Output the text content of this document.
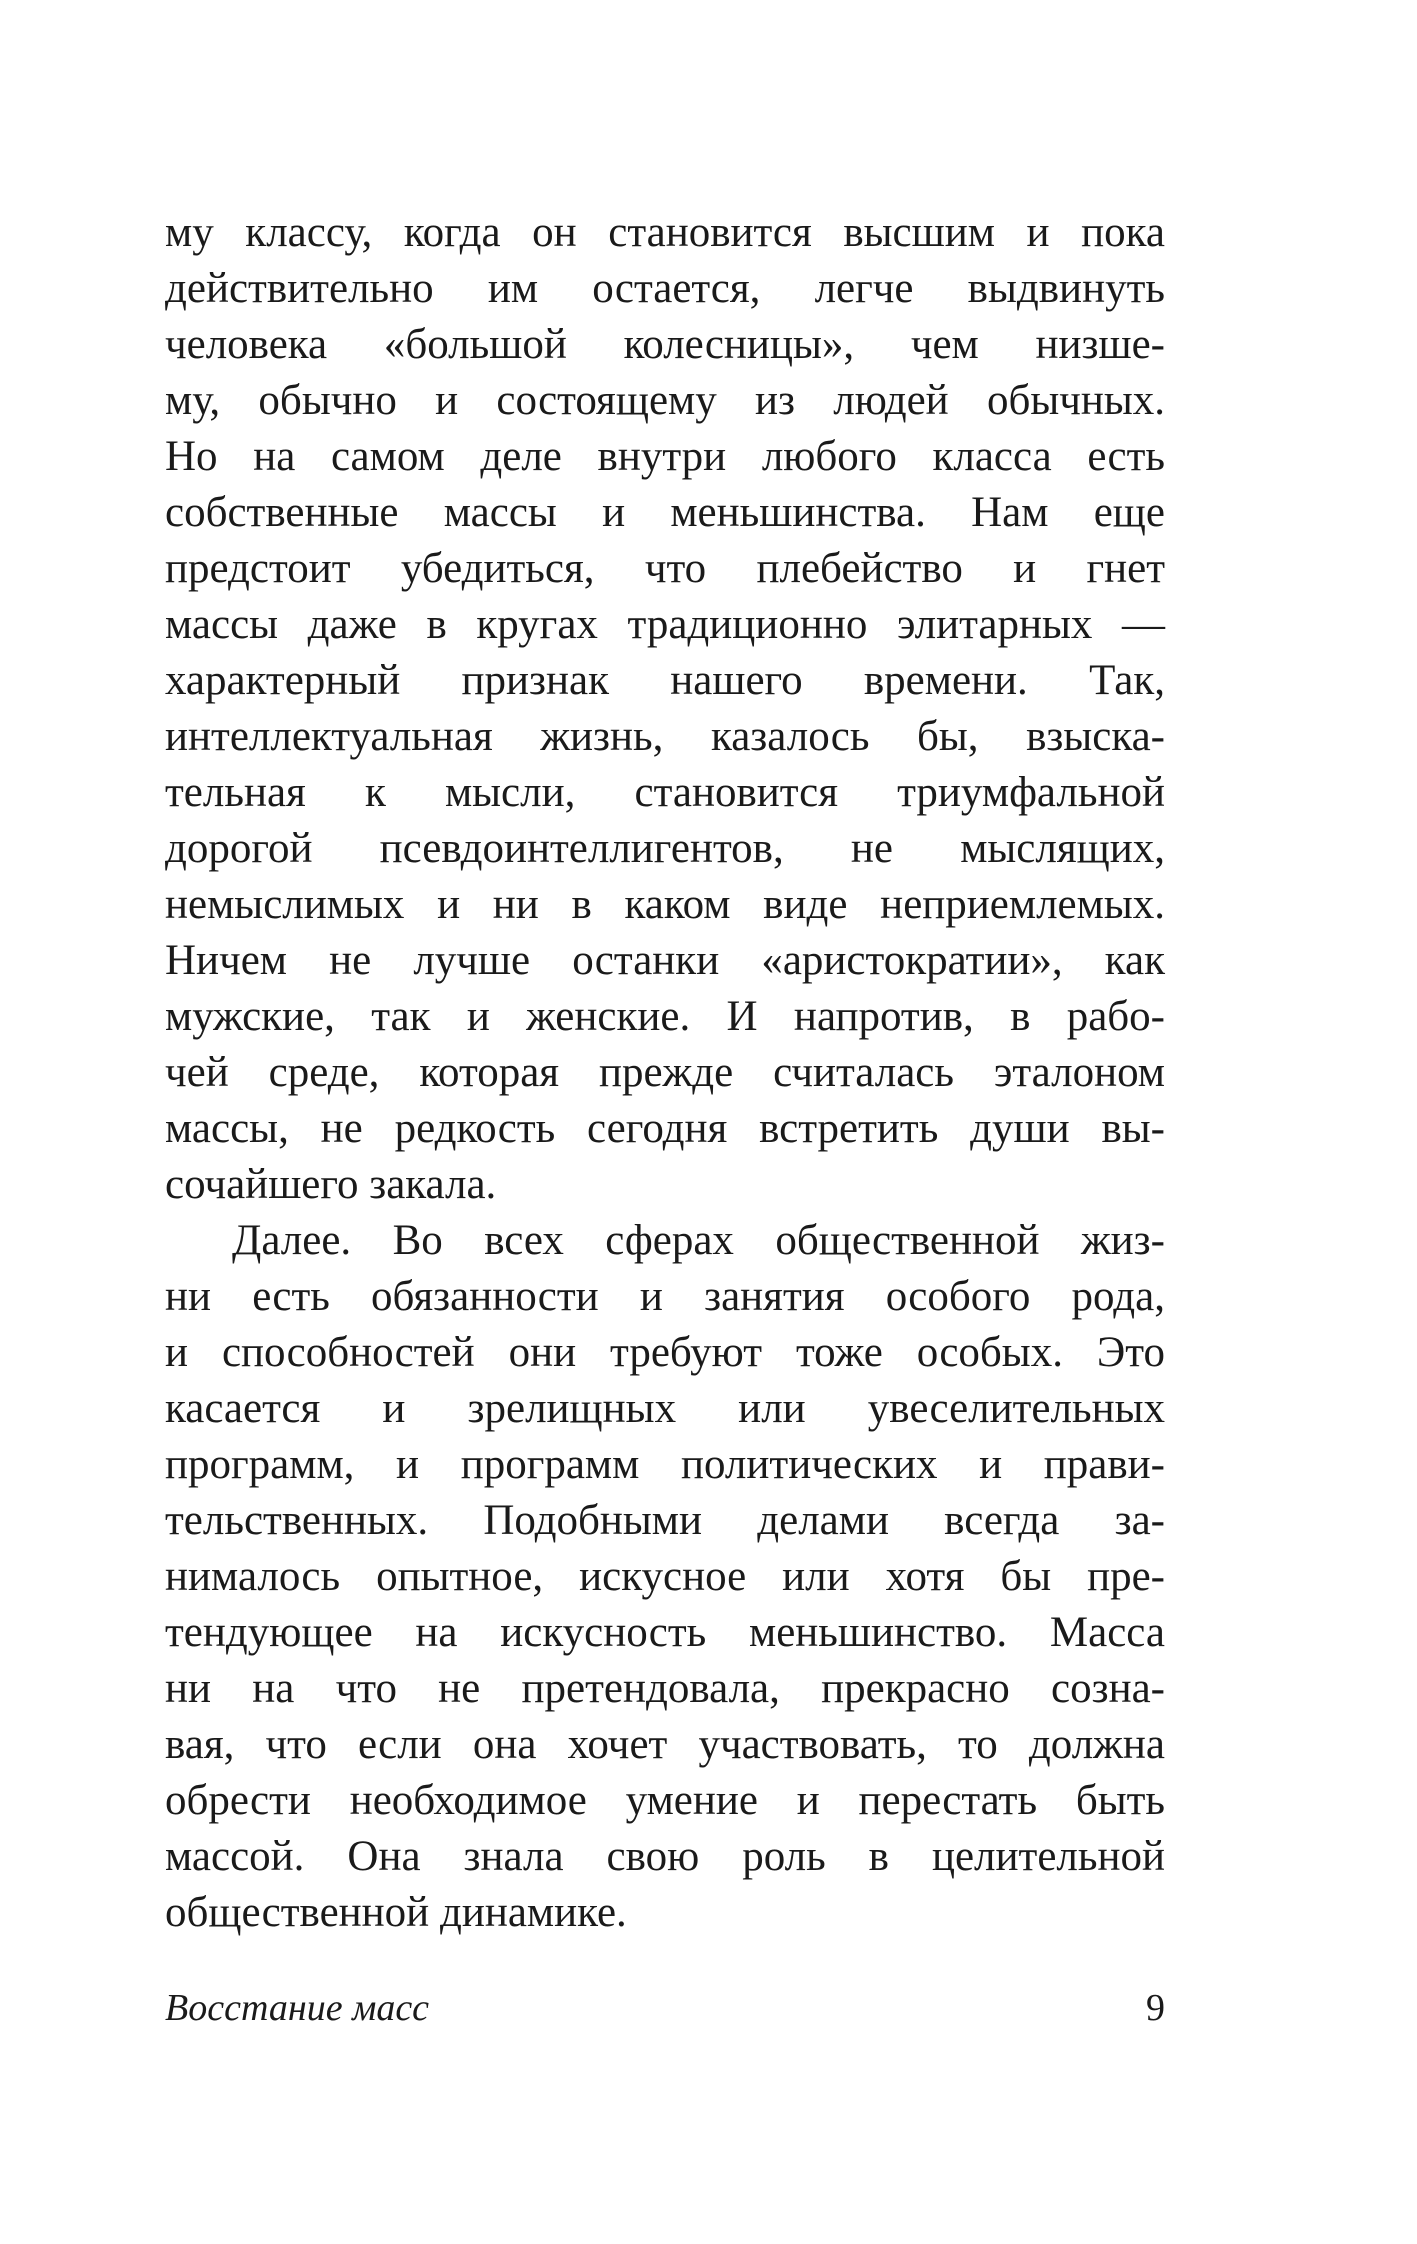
му классу, когда он становится высшим и пока
действительно им остается, легче выдвинуть
человека «большой колесницы», чем низше-
му, обычно и состоящему из людей обычных.
Но на самом деле внутри любого класса есть
собственные массы и меньшинства. Нам еще
предстоит убедиться, что плебейство и гнет
массы даже в кругах традиционно элитарных —
характерный признак нашего времени. Так,
интеллектуальная жизнь, казалось бы, взыска-
тельная к мысли, становится триумфальной
дорогой псевдоинтеллигентов, не мыслящих,
немыслимых и ни в каком виде неприемлемых.
Ничем не лучше останки «аристократии», как
мужские, так и женские. И напротив, в рабо-
чей среде, которая прежде считалась эталоном
массы, не редкость сегодня встретить души вы-
сочайшего закала.
Далее. Во всех сферах общественной жиз-
ни есть обязанности и занятия особого рода,
и способностей они требуют тоже особых. Это
касается и зрелищных или увеселительных
программ, и программ политических и прави-
тельственных. Подобными делами всегда за-
нималось опытное, искусное или хотя бы пре-
тендующее на искусность меньшинство. Масса
ни на что не претендовала, прекрасно созна-
вая, что если она хочет участвовать, то должна
обрести необходимое умение и перестать быть
массой. Она знала свою роль в целительной
общественной динамике.
Восстание масс	9
